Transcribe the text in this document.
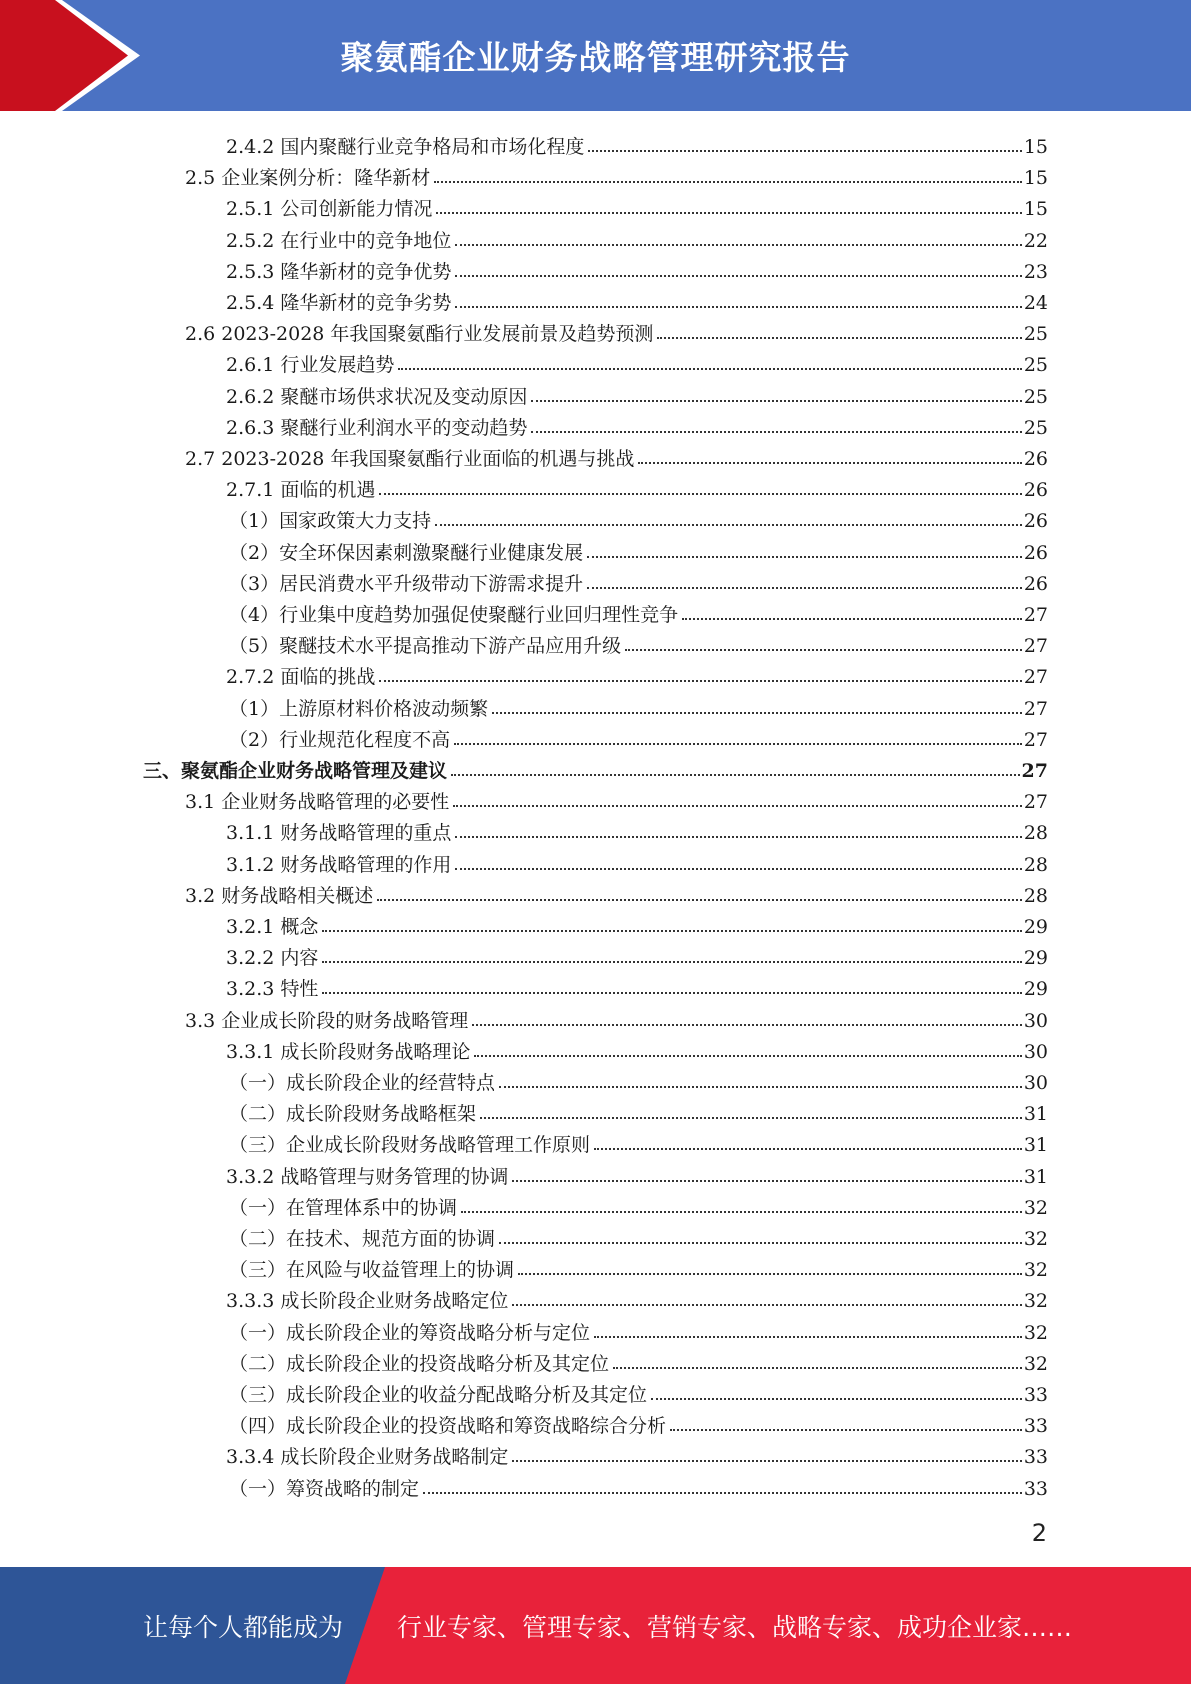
聚氨酯企业财务战略管理研究报告
2.4.2 国内聚醚行业竞争格局和市场化程度	15
2.5 企业案例分析：隆华新材	15
2.5.1 公司创新能力情况	15
2.5.2 在行业中的竞争地位	22
2.5.3 隆华新材的竞争优势	23
2.5.4 隆华新材的竞争劣势	24
2.6 2023-2028 年我国聚氨酯行业发展前景及趋势预测	25
2.6.1 行业发展趋势	25
2.6.2 聚醚市场供求状况及变动原因	25
2.6.3 聚醚行业利润水平的变动趋势	25
2.7 2023-2028 年我国聚氨酯行业面临的机遇与挑战	26
2.7.1 面临的机遇	26
（1）国家政策大力支持	26
（2）安全环保因素刺激聚醚行业健康发展	26
（3）居民消费水平升级带动下游需求提升	26
（4）行业集中度趋势加强促使聚醚行业回归理性竞争	27
（5）聚醚技术水平提高推动下游产品应用升级	27
2.7.2 面临的挑战	27
（1）上游原材料价格波动频繁	27
（2）行业规范化程度不高	27
三、聚氨酯企业财务战略管理及建议	27
3.1 企业财务战略管理的必要性	27
3.1.1 财务战略管理的重点	28
3.1.2 财务战略管理的作用	28
3.2 财务战略相关概述	28
3.2.1 概念	29
3.2.2 内容	29
3.2.3 特性	29
3.3 企业成长阶段的财务战略管理	30
3.3.1 成长阶段财务战略理论	30
（一）成长阶段企业的经营特点	30
（二）成长阶段财务战略框架	31
（三）企业成长阶段财务战略管理工作原则	31
3.3.2 战略管理与财务管理的协调	31
（一）在管理体系中的协调	32
（二）在技术、规范方面的协调	32
（三）在风险与收益管理上的协调	32
3.3.3 成长阶段企业财务战略定位	32
（一）成长阶段企业的筹资战略分析与定位	32
（二）成长阶段企业的投资战略分析及其定位	32
（三）成长阶段企业的收益分配战略分析及其定位	33
（四）成长阶段企业的投资战略和筹资战略综合分析	33
3.3.4 成长阶段企业财务战略制定	33
（一）筹资战略的制定	33
2
让每个人都能成为 行业专家、管理专家、营销专家、战略专家、成功企业家……
